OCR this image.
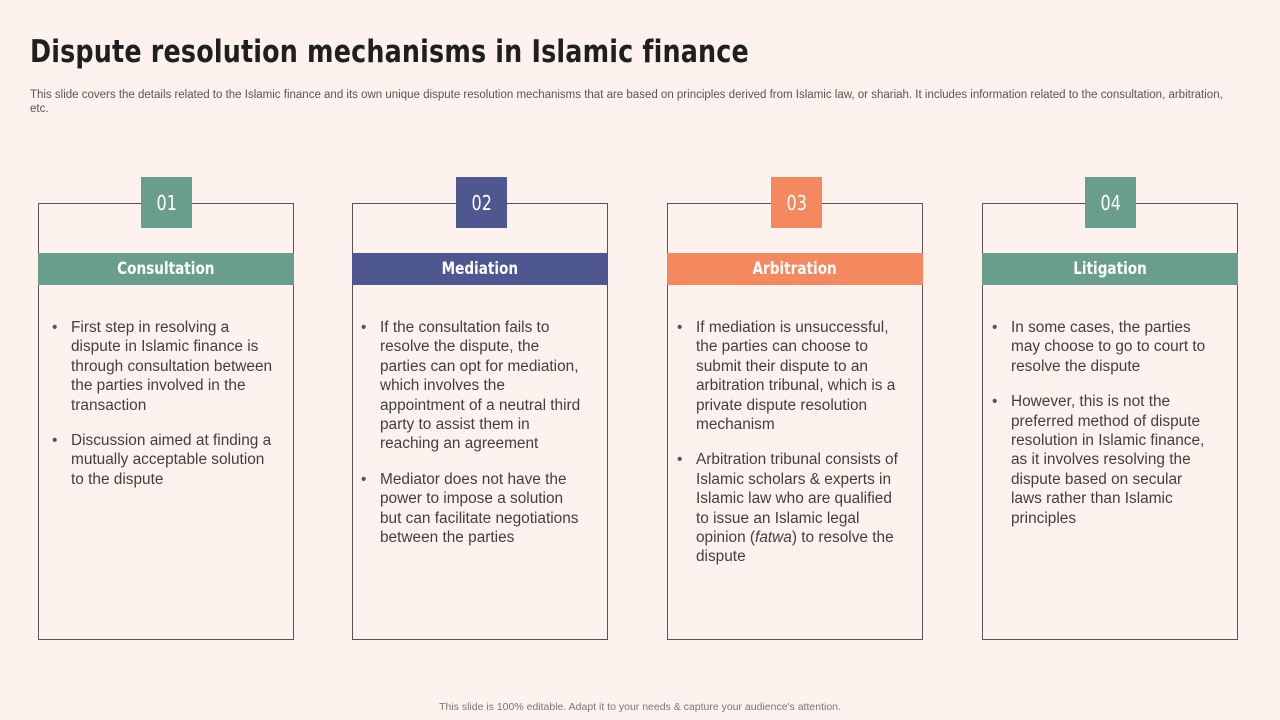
Dispute resolution mechanisms in Islamic finance

This slide covers the details related to the Islamic finance and its own unique dispute resolution mechanisms that are based on principles derived from Islamic law, or shariah. It includes information related to the consultation, arbitration, etc.

01
Consultation
• First step in resolving a dispute in Islamic finance is through consultation between the parties involved in the transaction
• Discussion aimed at finding a mutually acceptable solution to the dispute
02
Mediation
• If the consultation fails to resolve the dispute, the parties can opt for mediation, which involves the appointment of a neutral third party to assist them in reaching an agreement
• Mediator does not have the power to impose a solution but can facilitate negotiations between the parties
03
Arbitration
• If mediation is unsuccessful, the parties can choose to submit their dispute to an arbitration tribunal, which is a private dispute resolution mechanism
• Arbitration tribunal consists of Islamic scholars & experts in Islamic law who are qualified to issue an Islamic legal opinion (fatwa) to resolve the dispute
04
Litigation
• In some cases, the parties may choose to go to court to resolve the dispute
• However, this is not the preferred method of dispute resolution in Islamic finance, as it involves resolving the dispute based on secular laws rather than Islamic principles
This slide is 100% editable. Adapt it to your needs & capture your audience's attention.
